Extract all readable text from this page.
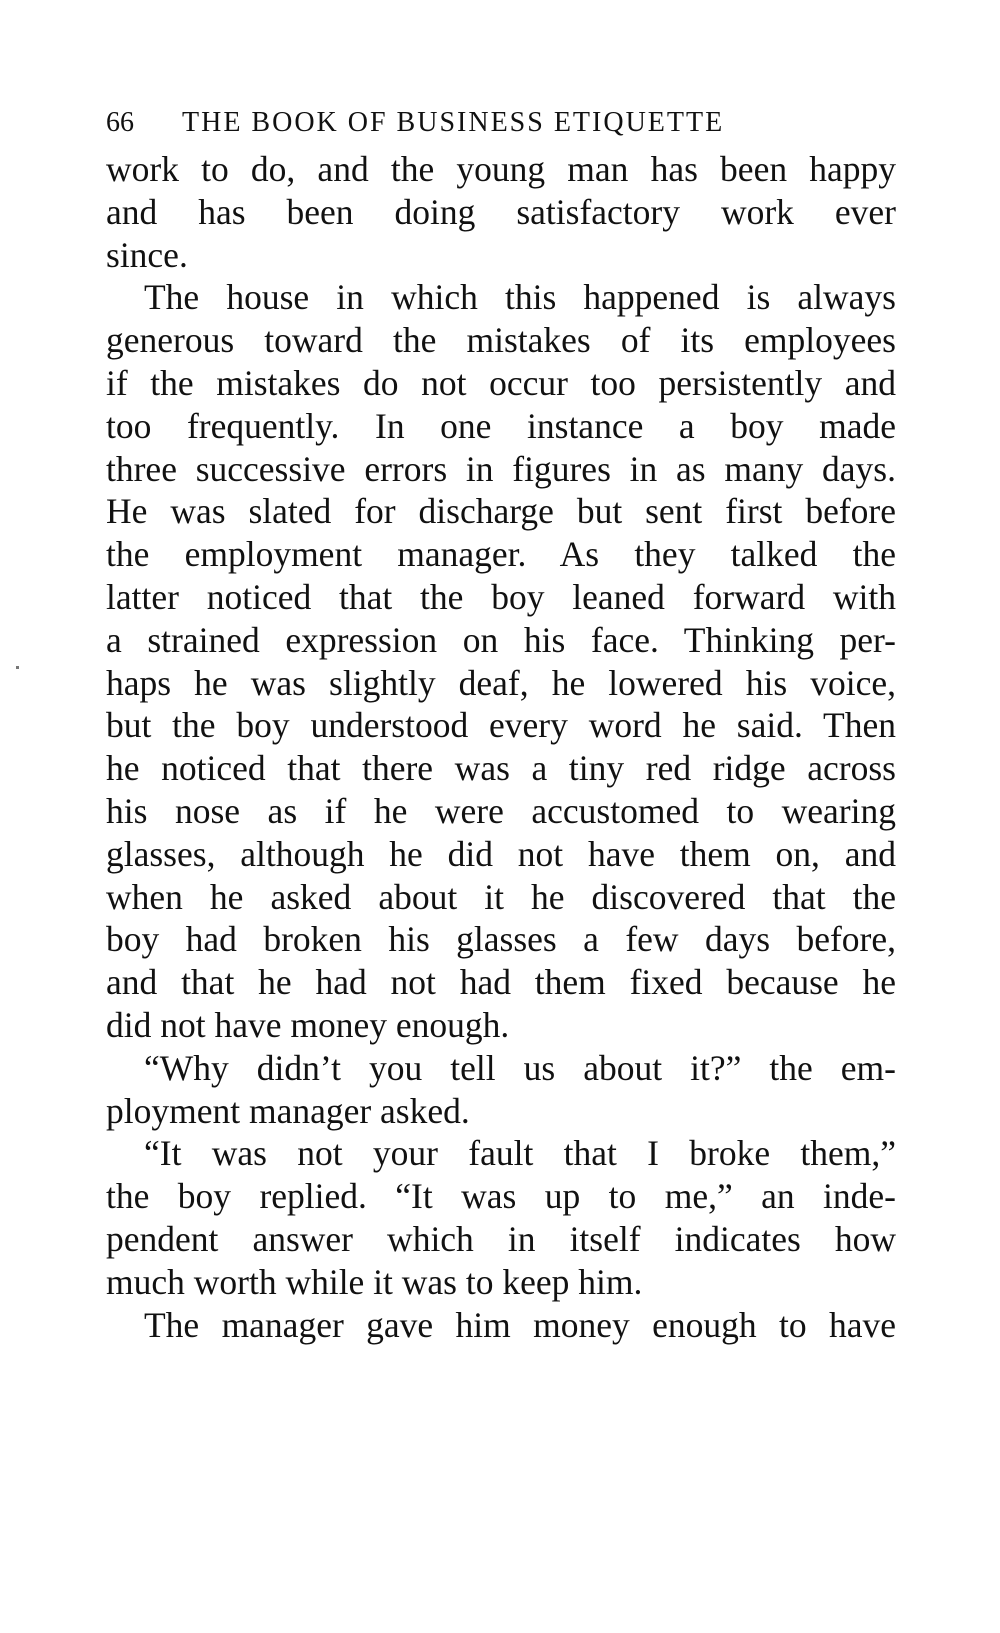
66	THE BOOK OF BUSINESS ETIQUETTE
work to do, and the young man has been happy
and has been doing satisfactory work ever
since.
The house in which this happened is always
generous toward the mistakes of its employees
if the mistakes do not occur too persistently and
too frequently. In one instance a boy made
three successive errors in figures in as many days.
He was slated for discharge but sent first before
the employment manager. As they talked the
latter noticed that the boy leaned forward with
a strained expression on his face. Thinking per-
haps he was slightly deaf, he lowered his voice,
but the boy understood every word he said. Then
he noticed that there was a tiny red ridge across
his nose as if he were accustomed to wearing
glasses, although he did not have them on, and
when he asked about it he discovered that the
boy had broken his glasses a few days before,
and that he had not had them fixed because he
did not have money enough.
“Why didn’t you tell us about it?” the em-
ployment manager asked.
“It was not your fault that I broke them,”
the boy replied. “It was up to me,” an inde-
pendent answer which in itself indicates how
much worth while it was to keep him.
The manager gave him money enough to have
